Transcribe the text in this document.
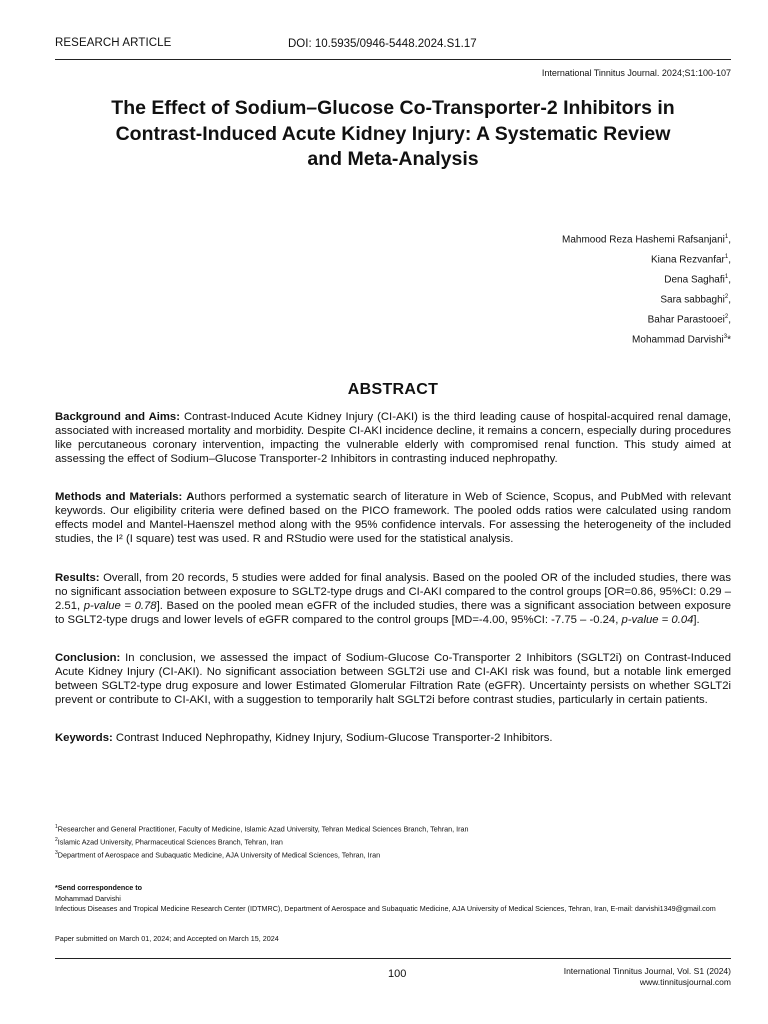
RESEARCH ARTICLE	DOI: 10.5935/0946-5448.2024.S1.17
International Tinnitus Journal. 2024;S1:100-107
The Effect of Sodium–Glucose Co-Transporter-2 Inhibitors in
Contrast-Induced Acute Kidney Injury: A Systematic Review
and Meta-Analysis
Mahmood Reza Hashemi Rafsanjani$^1$,
Kiana Rezvanfar$^1$,
Dena Saghafi$^1$,
Sara sabbaghi$^2$,
Bahar Parastooei$^2$,
Mohammad Darvishi$^3$*
ABSTRACT
Background and Aims: Contrast-Induced Acute Kidney Injury (CI-AKI) is the third leading cause of hospital-acquired renal damage, associated with increased mortality and morbidity. Despite CI-AKI incidence decline, it remains a concern, especially during procedures like percutaneous coronary intervention, impacting the vulnerable elderly with compromised renal function. This study aimed at assessing the effect of Sodium–Glucose Transporter-2 Inhibitors in contrasting induced nephropathy.
Methods and Materials: Authors performed a systematic search of literature in Web of Science, Scopus, and PubMed with relevant keywords. Our eligibility criteria were defined based on the PICO framework. The pooled odds ratios were calculated using random effects model and Mantel-Haenszel method along with the 95% confidence intervals. For assessing the heterogeneity of the included studies, the I² (I square) test was used. R and RStudio were used for the statistical analysis.
Results: Overall, from 20 records, 5 studies were added for final analysis. Based on the pooled OR of the included studies, there was no significant association between exposure to SGLT2-type drugs and CI-AKI compared to the control groups [OR=0.86, 95%CI: 0.29 – 2.51, p-value = 0.78]. Based on the pooled mean eGFR of the included studies, there was a significant association between exposure to SGLT2-type drugs and lower levels of eGFR compared to the control groups [MD=-4.00, 95%CI: -7.75 – -0.24, p-value = 0.04].
Conclusion: In conclusion, we assessed the impact of Sodium-Glucose Co-Transporter 2 Inhibitors (SGLT2i) on Contrast-Induced Acute Kidney Injury (CI-AKI). No significant association between SGLT2i use and CI-AKI risk was found, but a notable link emerged between SGLT2-type drug exposure and lower Estimated Glomerular Filtration Rate (eGFR). Uncertainty persists on whether SGLT2i prevent or contribute to CI-AKI, with a suggestion to temporarily halt SGLT2i before contrast studies, particularly in certain patients.
Keywords: Contrast Induced Nephropathy, Kidney Injury, Sodium-Glucose Transporter-2 Inhibitors.
$^1$Researcher and General Practitioner, Faculty of Medicine, Islamic Azad University, Tehran Medical Sciences Branch, Tehran, Iran
$^2$Islamic Azad University, Pharmaceutical Sciences Branch, Tehran, Iran
$^3$Department of Aerospace and Subaquatic Medicine, AJA University of Medical Sciences, Tehran, Iran
*Send correspondence to
Mohammad Darvishi
Infectious Diseases and Tropical Medicine Research Center (IDTMRC), Department of Aerospace and Subaquatic Medicine, AJA University of Medical Sciences, Tehran, Iran, E-mail: darvishi1349@gmail.com
Paper submitted on March 01, 2024; and Accepted on March 15, 2024
100	International Tinnitus Journal, Vol. S1 (2024)
www.tinnitusjournal.com
